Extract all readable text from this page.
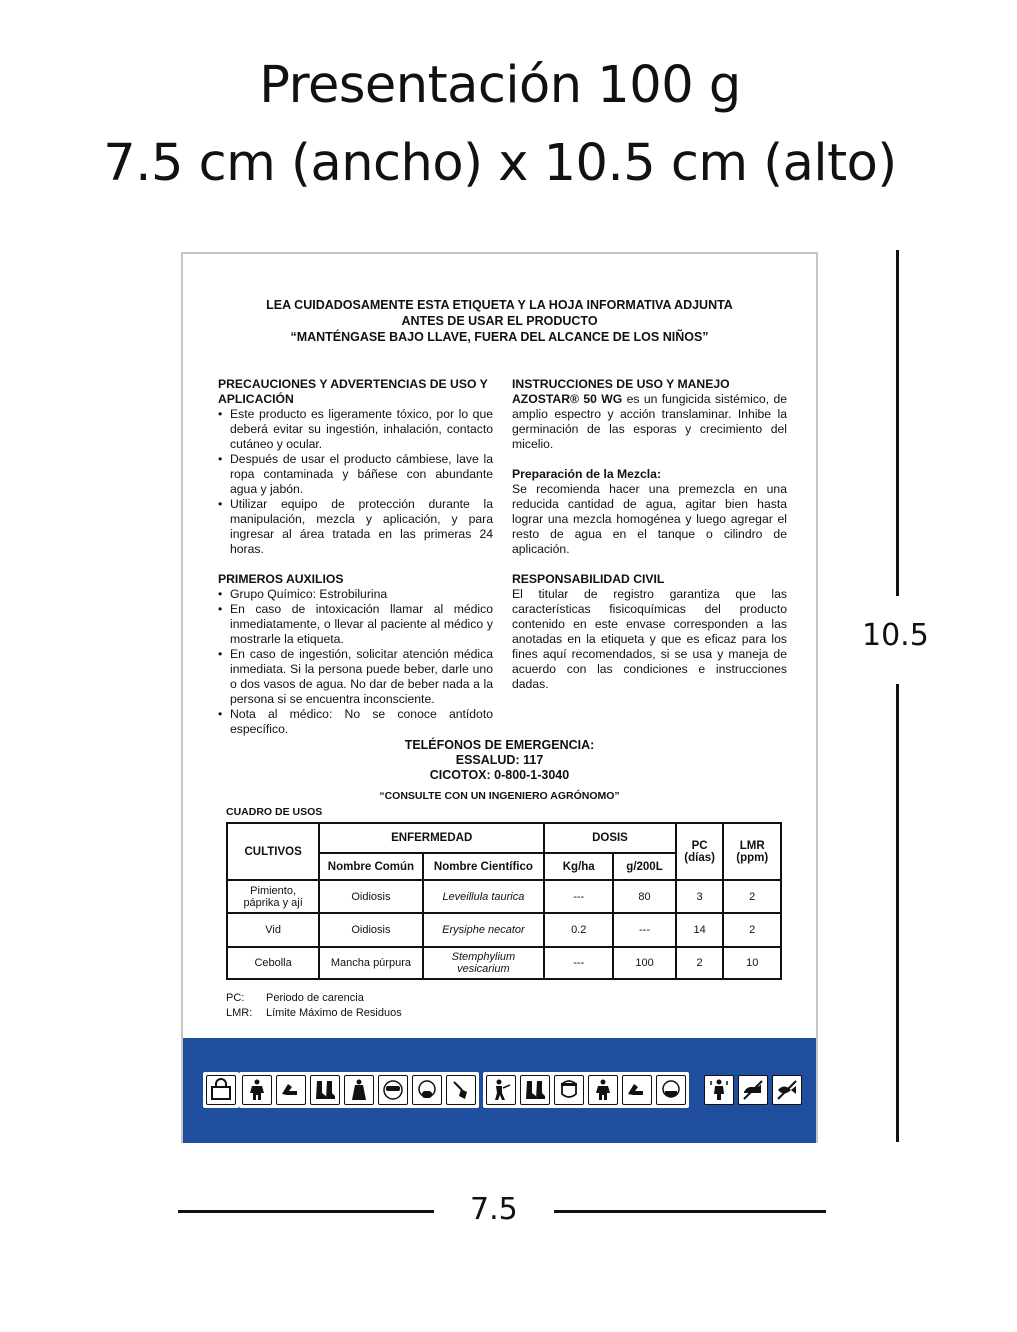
Presentación 100 g
7.5 cm (ancho) x 10.5 cm (alto)
LEA CUIDADOSAMENTE ESTA ETIQUETA Y LA HOJA INFORMATIVA ADJUNTA
ANTES DE USAR EL PRODUCTO
“MANTÉNGASE BAJO LLAVE, FUERA DEL ALCANCE DE LOS NIÑOS”
PRECAUCIONES Y ADVERTENCIAS DE USO Y APLICACIÓN
• Este producto es ligeramente tóxico, por lo que deberá evitar su ingestión, inhalación, contacto cutáneo y ocular.
• Después de usar el producto cámbiese, lave la ropa contaminada y báñese con abundante agua y jabón.
• Utilizar equipo de protección durante la manipulación, mezcla y aplicación, y para ingresar al área tratada en las primeras 24 horas.
PRIMEROS AUXILIOS
• Grupo Químico: Estrobilurina
• En caso de intoxicación llamar al médico inmediatamente, o llevar al paciente al médico y mostrarle la etiqueta.
• En caso de ingestión, solicitar atención médica inmediata. Si la persona puede beber, darle uno o dos vasos de agua. No dar de beber nada a la persona si se encuentra inconsciente.
• Nota al médico: No se conoce antídoto específico.
INSTRUCCIONES DE USO Y MANEJO

AZOSTAR® 50 WG es un fungicida sistémico, de amplio espectro y acción translaminar. Inhibe la germinación de las esporas y crecimiento del micelio.

Preparación de la Mezcla:

Se recomienda hacer una premezcla en una reducida cantidad de agua, agitar bien hasta lograr una mezcla homogénea y luego agregar el resto de agua en el tanque o cilindro de aplicación.

RESPONSABILIDAD CIVIL

El titular de registro garantiza que las características fisicoquímicas del producto contenido en este envase corresponden a las anotadas en la etiqueta y que es eficaz para los fines aquí recomendados, si se usa y maneja de acuerdo con las condiciones e instrucciones dadas.

TELÉFONOS DE EMERGENCIA:
ESSALUD: 117
CICOTOX: 0-800-1-3040
“CONSULTE CON UN INGENIERO AGRÓNOMO”
CUADRO DE USOS
CULTIVOS	ENFERMEDAD		DOSIS		PC (días)	LMR (ppm)
	Nombre Común	Nombre Científico	Kg/ha	g/200L		
Pimiento, páprika y ají	Oidiosis	Leveillula taurica	---	80	3	2
Vid	Oidiosis	Erysiphe necator	0.2	---	14	2
Cebolla	Mancha púrpura	Stemphylium vesicarium	---	100	2	10
PC: Periodo de carencia
LMR: Límite Máximo de Residuos
10.5
7.5
